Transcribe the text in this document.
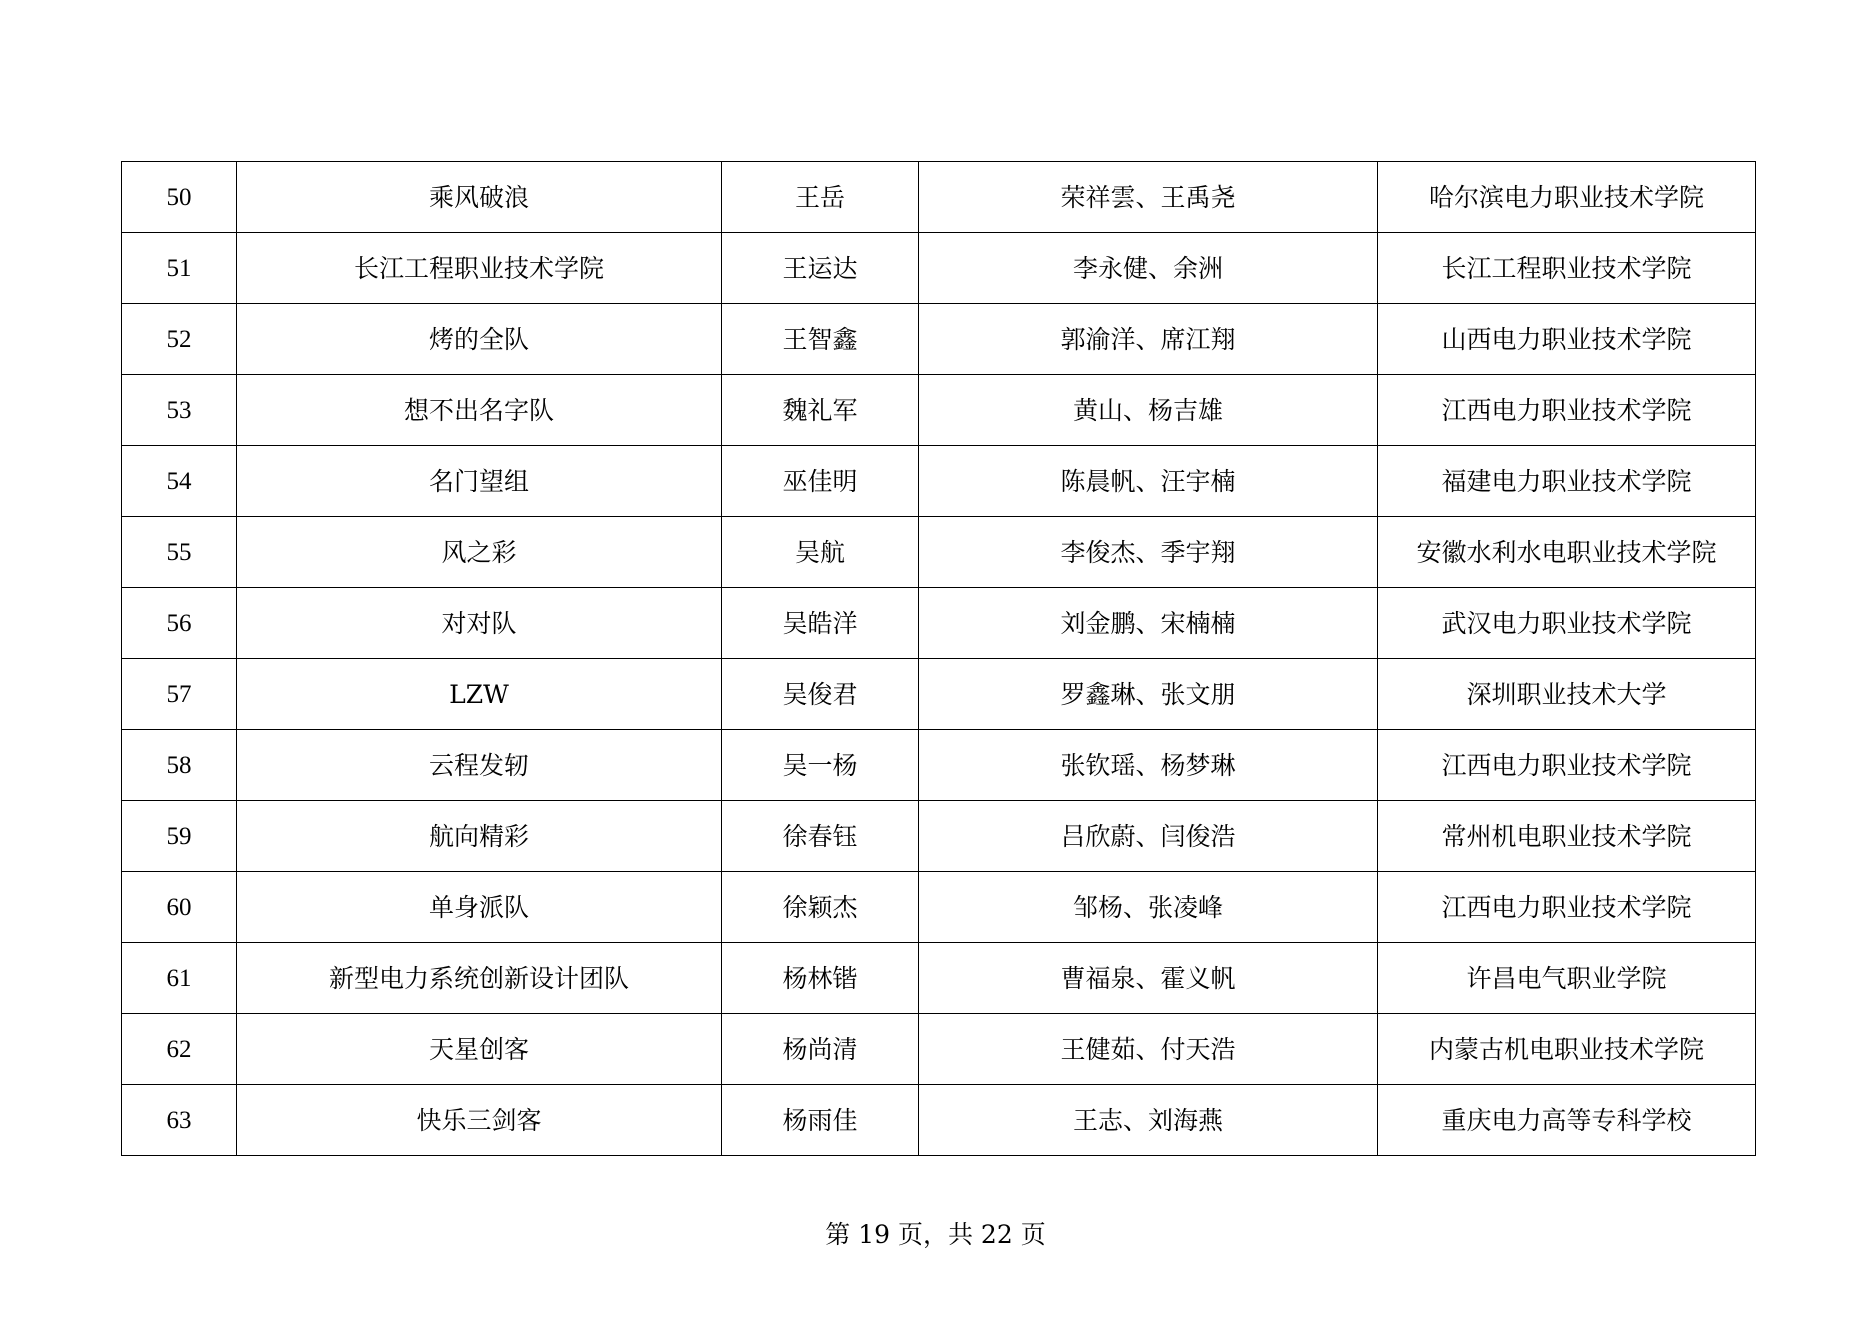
50	乘风破浪	王岳	荣祥雲、王禹尧	哈尔滨电力职业技术学院
51	长江工程职业技术学院	王运达	李永健、余洲	长江工程职业技术学院
52	烤的全队	王智鑫	郭渝洋、席江翔	山西电力职业技术学院
53	想不出名字队	魏礼军	黄山、杨吉雄	江西电力职业技术学院
54	名门望组	巫佳明	陈晨帆、汪宇楠	福建电力职业技术学院
55	风之彩	吴航	李俊杰、季宇翔	安徽水利水电职业技术学院
56	对对队	吴皓洋	刘金鹏、宋楠楠	武汉电力职业技术学院
57	LZW	吴俊君	罗鑫琳、张文朋	深圳职业技术大学
58	云程发轫	吴一杨	张钦瑶、杨梦琳	江西电力职业技术学院
59	航向精彩	徐春钰	吕欣蔚、闫俊浩	常州机电职业技术学院
60	单身派队	徐颖杰	邹杨、张凌峰	江西电力职业技术学院
61	新型电力系统创新设计团队	杨林锴	曹福泉、霍义帆	许昌电气职业学院
62	天星创客	杨尚清	王健茹、付天浩	内蒙古机电职业技术学院
63	快乐三剑客	杨雨佳	王志、刘海燕	重庆电力高等专科学校
第 19 页，共 22 页
